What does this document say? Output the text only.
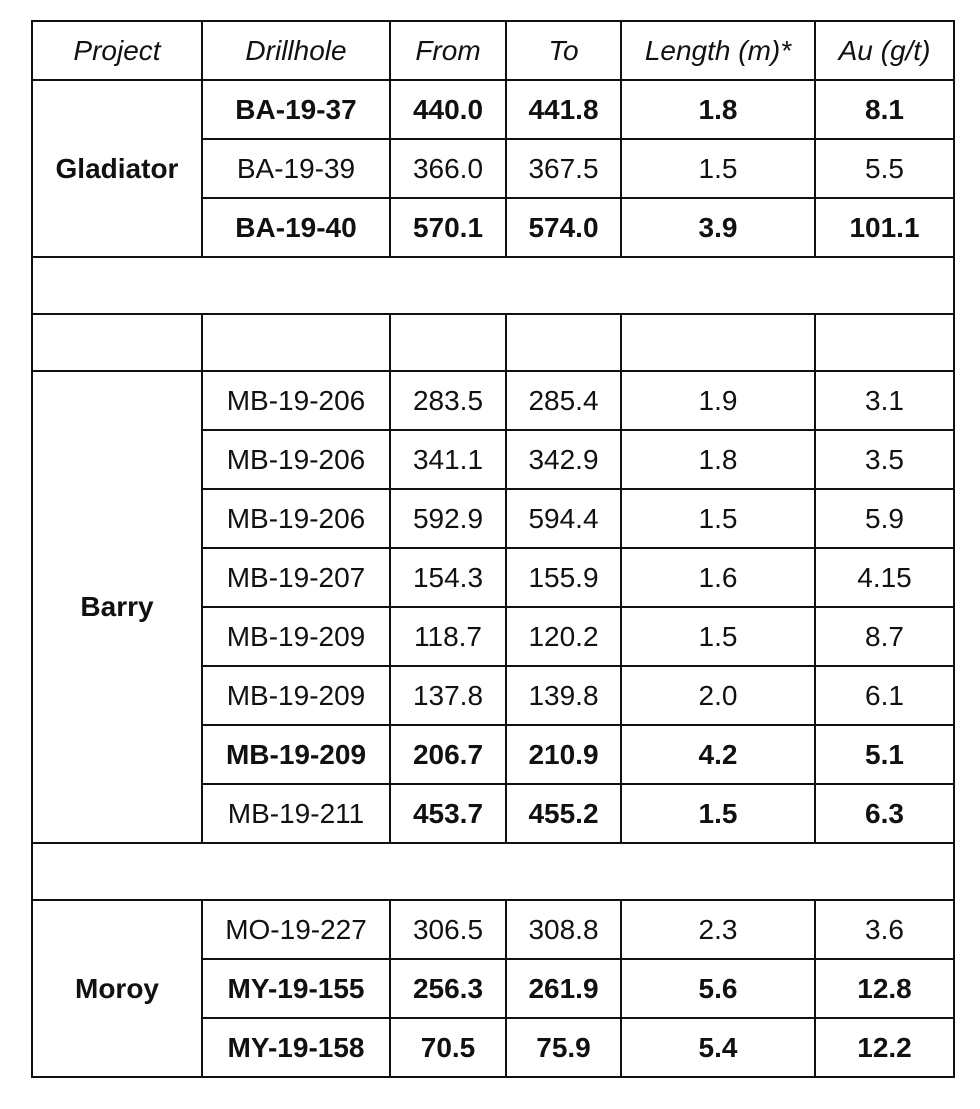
Project	Drillhole	From	To	Length (m)*	Au (g/t)
Gladiator	BA-19-37	440.0	441.8	1.8	8.1
	BA-19-39	366.0	367.5	1.5	5.5
	BA-19-40	570.1	574.0	3.9	101.1

Barry	MB-19-206	283.5	285.4	1.9	3.1
	MB-19-206	341.1	342.9	1.8	3.5
	MB-19-206	592.9	594.4	1.5	5.9
	MB-19-207	154.3	155.9	1.6	4.15
	MB-19-209	118.7	120.2	1.5	8.7
	MB-19-209	137.8	139.8	2.0	6.1
	MB-19-209	206.7	210.9	4.2	5.1
	MB-19-211	453.7	455.2	1.5	6.3

Moroy	MO-19-227	306.5	308.8	2.3	3.6
	MY-19-155	256.3	261.9	5.6	12.8
	MY-19-158	70.5	75.9	5.4	12.2
